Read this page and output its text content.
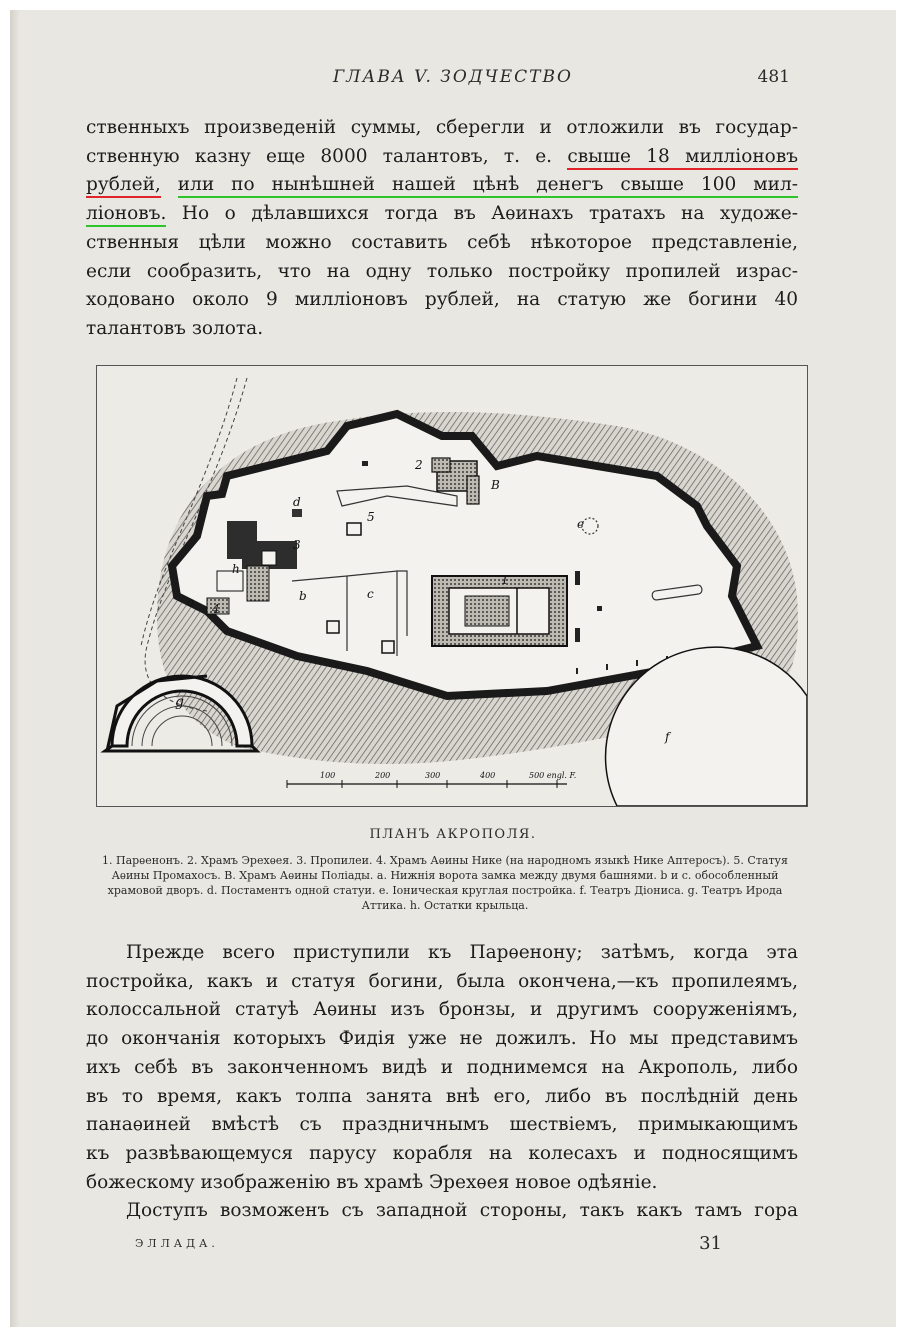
ГЛАВА V. ЗОДЧЕСТВО	481
ственныхъ произведеній суммы, сберегли и отложили въ государ-
ственную казну еще 8000 талантовъ, т. е. свыше 18 милліоновъ
рублей, или по нынѣшней нашей цѣнѣ денегъ свыше 100 мил-
ліоновъ. Но о дѣлавшихся тогда въ Аѳинахъ тратахъ на художе-
ственныя цѣли можно составить себѣ нѣкоторое представленіе,
если сообразить, что на одну только постройку пропилей израс-
ходовано около 9 милліоновъ рублей, на статую же богини 40
талантовъ золота.
1
2
3
4
5
B
a	b	c
d
e
f
g
h
100	200	300	400	500 engl. F.
ПЛАНЪ АКРОПОЛЯ.
1. Парѳенонъ. 2. Храмъ Эрехѳея. 3. Пропилеи. 4. Храмъ Аѳины Нике (на народномъ языкѣ Нике Аптеросъ). 5. Статуя Аѳины Промахосъ. B. Храмъ Аѳины Поліады. a. Нижнія ворота замка между двумя башнями. b и c. обособленный храмовой дворъ. d. Постаментъ одной статуи. e. Іоническая круглая постройка. f. Театръ Діониса. g. Театръ Ирода Аттика. h. Остатки крыльца.
Прежде всего приступили къ Парѳенону; затѣмъ, когда эта
постройка, какъ и статуя богини, была окончена,—къ пропилеямъ,
колоссальной статуѣ Аѳины изъ бронзы, и другимъ сооруженіямъ,
до окончанія которыхъ Фидія уже не дожилъ. Но мы представимъ
ихъ себѣ въ законченномъ видѣ и поднимемся на Акрополь, либо
въ то время, какъ толпа занята внѣ его, либо въ послѣдній день
панаѳиней вмѣстѣ съ праздничнымъ шествіемъ, примыкающимъ
къ развѣвающемуся парусу корабля на колесахъ и подносящимъ
божескому изображенію въ храмѣ Эрехѳея новое одѣяніе.
Доступъ возможенъ съ западной стороны, такъ какъ тамъ гора
ЭЛЛАДА.	31
